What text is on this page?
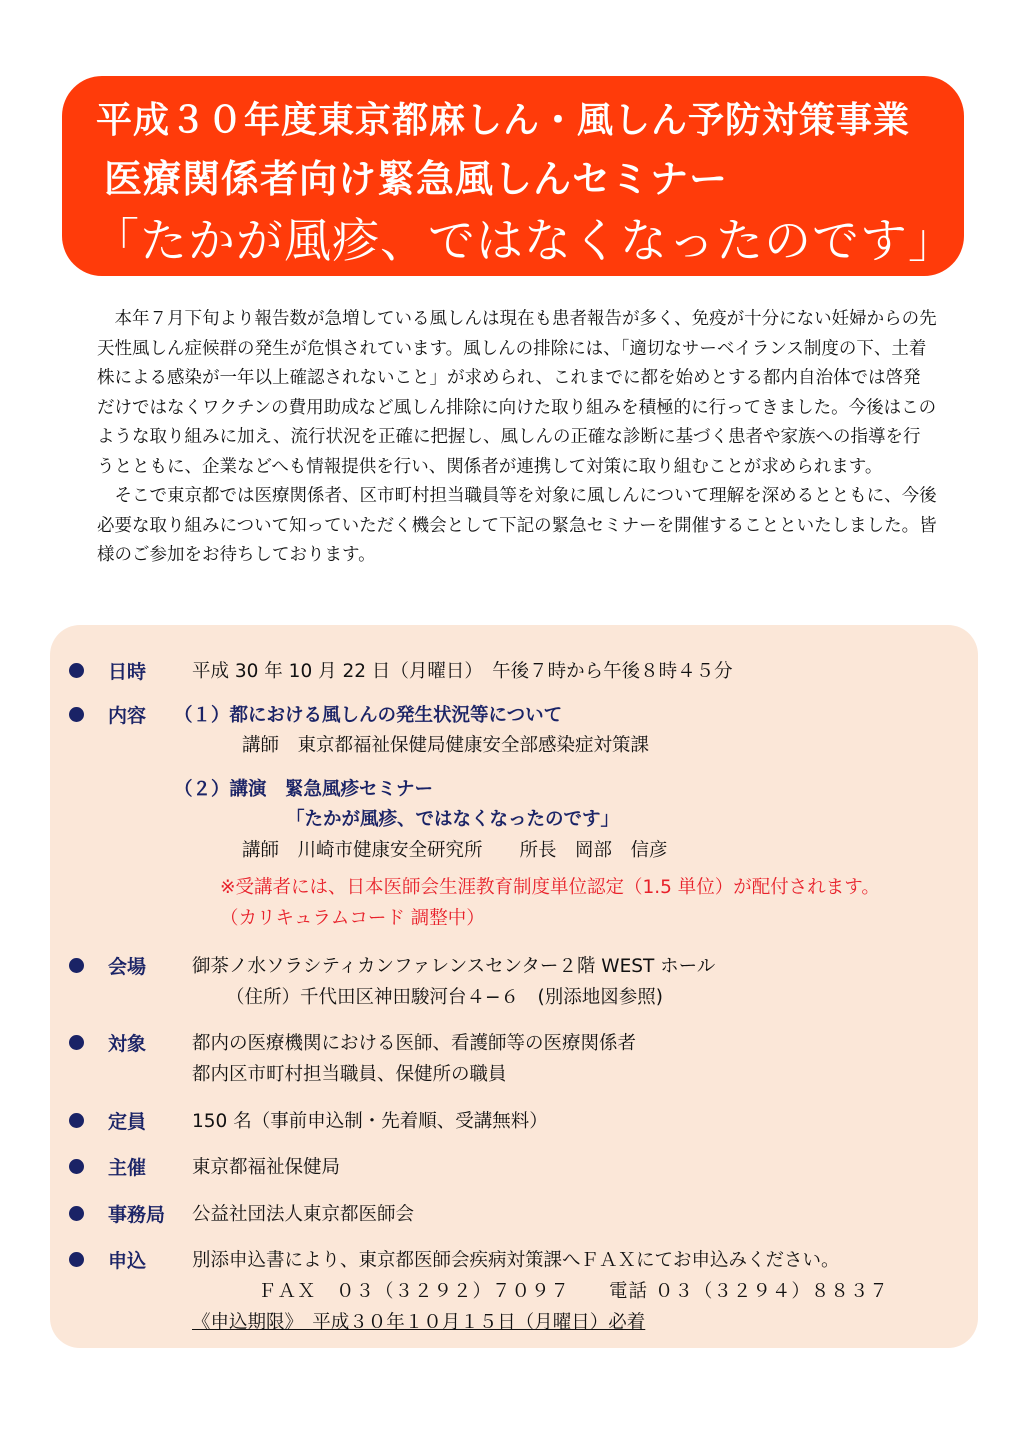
平成３０年度東京都麻しん・風しん予防対策事業
医療関係者向け緊急風しんセミナー
「たかが風疹、ではなくなったのです」

本年７月下旬より報告数が急増している風しんは現在も患者報告が多く、免疫が十分にない妊婦からの先天性風しん症候群の発生が危惧されています。風しんの排除には、「適切なサーベイランス制度の下、土着株による感染が一年以上確認されないこと」が求められ、これまでに都を始めとする都内自治体では啓発だけではなくワクチンの費用助成など風しん排除に向けた取り組みを積極的に行ってきました。今後はこのような取り組みに加え、流行状況を正確に把握し、風しんの正確な診断に基づく患者や家族への指導を行うとともに、企業などへも情報提供を行い、関係者が連携して対策に取り組むことが求められます。

そこで東京都では医療関係者、区市町村担当職員等を対象に風しんについて理解を深めるとともに、今後必要な取り組みについて知っていただく機会として下記の緊急セミナーを開催することといたしました。皆様のご参加をお待ちしております。

日時 平成 30 年 10 月 22 日（月曜日）　午後７時から午後８時４５分
内容 （１）都における風しんの発生状況等について
講師　東京都福祉保健局健康安全部感染症対策課
（２）講演　緊急風疹セミナー
「たかが風疹、ではなくなったのです」
講師　川崎市健康安全研究所　　所長　岡部　信彦
※受講者には、日本医師会生涯教育制度単位認定（1.5 単位）が配付されます。
（カリキュラムコード 調整中）
会場 御茶ノ水ソラシティカンファレンスセンター２階 WEST ホール
（住所）千代田区神田駿河台４−６　(別添地図参照)
対象 都内の医療機関における医師、看護師等の医療関係者
都内区市町村担当職員、保健所の職員
定員 150 名（事前申込制・先着順、受講無料）
主催 東京都福祉保健局
事務局 公益社団法人東京都医師会
申込 別添申込書により、東京都医師会疾病対策課へＦＡＸにてお申込みください。
ＦＡＸ　０３（３２９２）７０９７　　電話 ０３（３２９４）８８３７
《申込期限》　平成３０年１０月１５日（月曜日）必着
